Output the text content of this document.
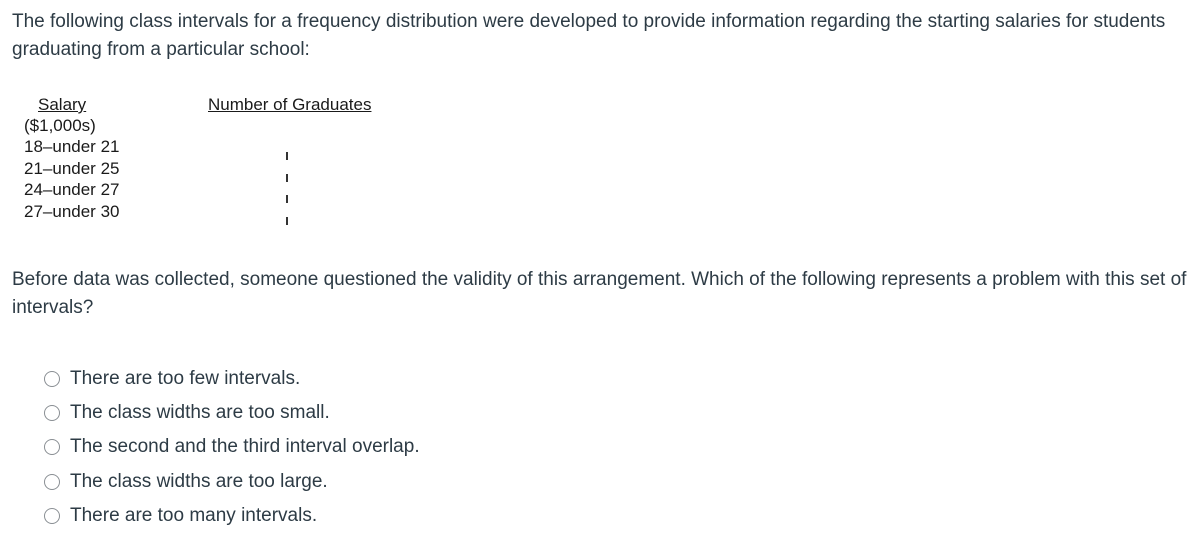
The following class intervals for a frequency distribution were developed to provide information regarding the starting salaries for students graduating from a particular school:

Salary
($1,000s)
18–under 21
21–under 25
24–under 27
27–under 30
Number of Graduates

Before data was collected, someone questioned the validity of this arrangement. Which of the following represents a problem with this set of intervals?

There are too few intervals.
The class widths are too small.
The second and the third interval overlap.
The class widths are too large.
There are too many intervals.
